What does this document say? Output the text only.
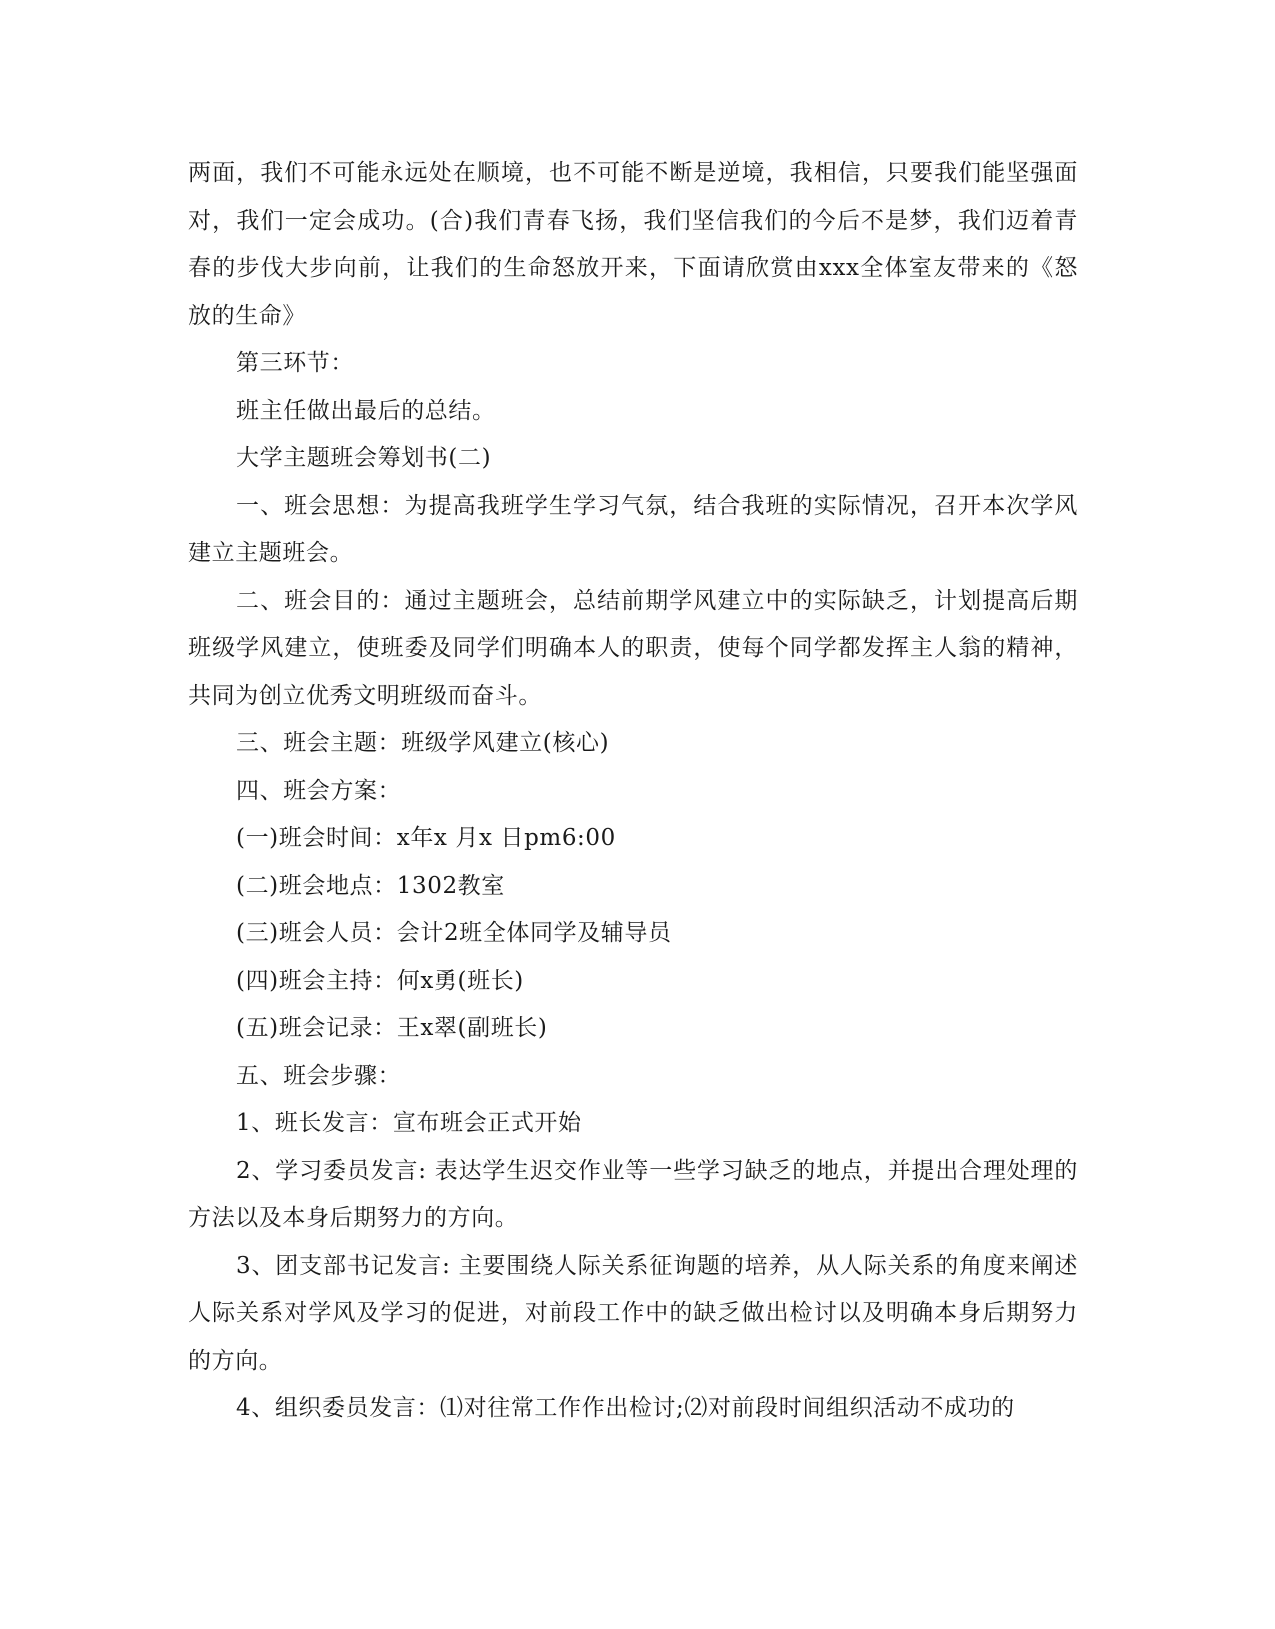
两面，我们不可能永远处在顺境，也不可能不断是逆境，我相信，只要我们能坚强面对，我们一定会成功。(合)我们青春飞扬，我们坚信我们的今后不是梦，我们迈着青春的步伐大步向前，让我们的生命怒放开来，下面请欣赏由xxx全体室友带来的《怒放的生命》

第三环节：

班主任做出最后的总结。

大学主题班会筹划书(二)

一、班会思想：为提高我班学生学习气氛，结合我班的实际情况，召开本次学风建立主题班会。

二、班会目的：通过主题班会，总结前期学风建立中的实际缺乏，计划提高后期班级学风建立，使班委及同学们明确本人的职责，使每个同学都发挥主人翁的精神，共同为创立优秀文明班级而奋斗。

三、班会主题：班级学风建立(核心)

四、班会方案：

(一)班会时间：x年x 月x 日pm6:00

(二)班会地点：1302教室

(三)班会人员：会计2班全体同学及辅导员

(四)班会主持：何x勇(班长)

(五)班会记录：王x翠(副班长)

五、班会步骤：

1、班长发言：宣布班会正式开始

2、学习委员发言: 表达学生迟交作业等一些学习缺乏的地点，并提出合理处理的方法以及本身后期努力的方向。

3、团支部书记发言: 主要围绕人际关系征询题的培养，从人际关系的角度来阐述人际关系对学风及学习的促进，对前段工作中的缺乏做出检讨以及明确本身后期努力的方向。

4、组织委员发言：⑴对往常工作作出检讨;⑵对前段时间组织活动不成功的
